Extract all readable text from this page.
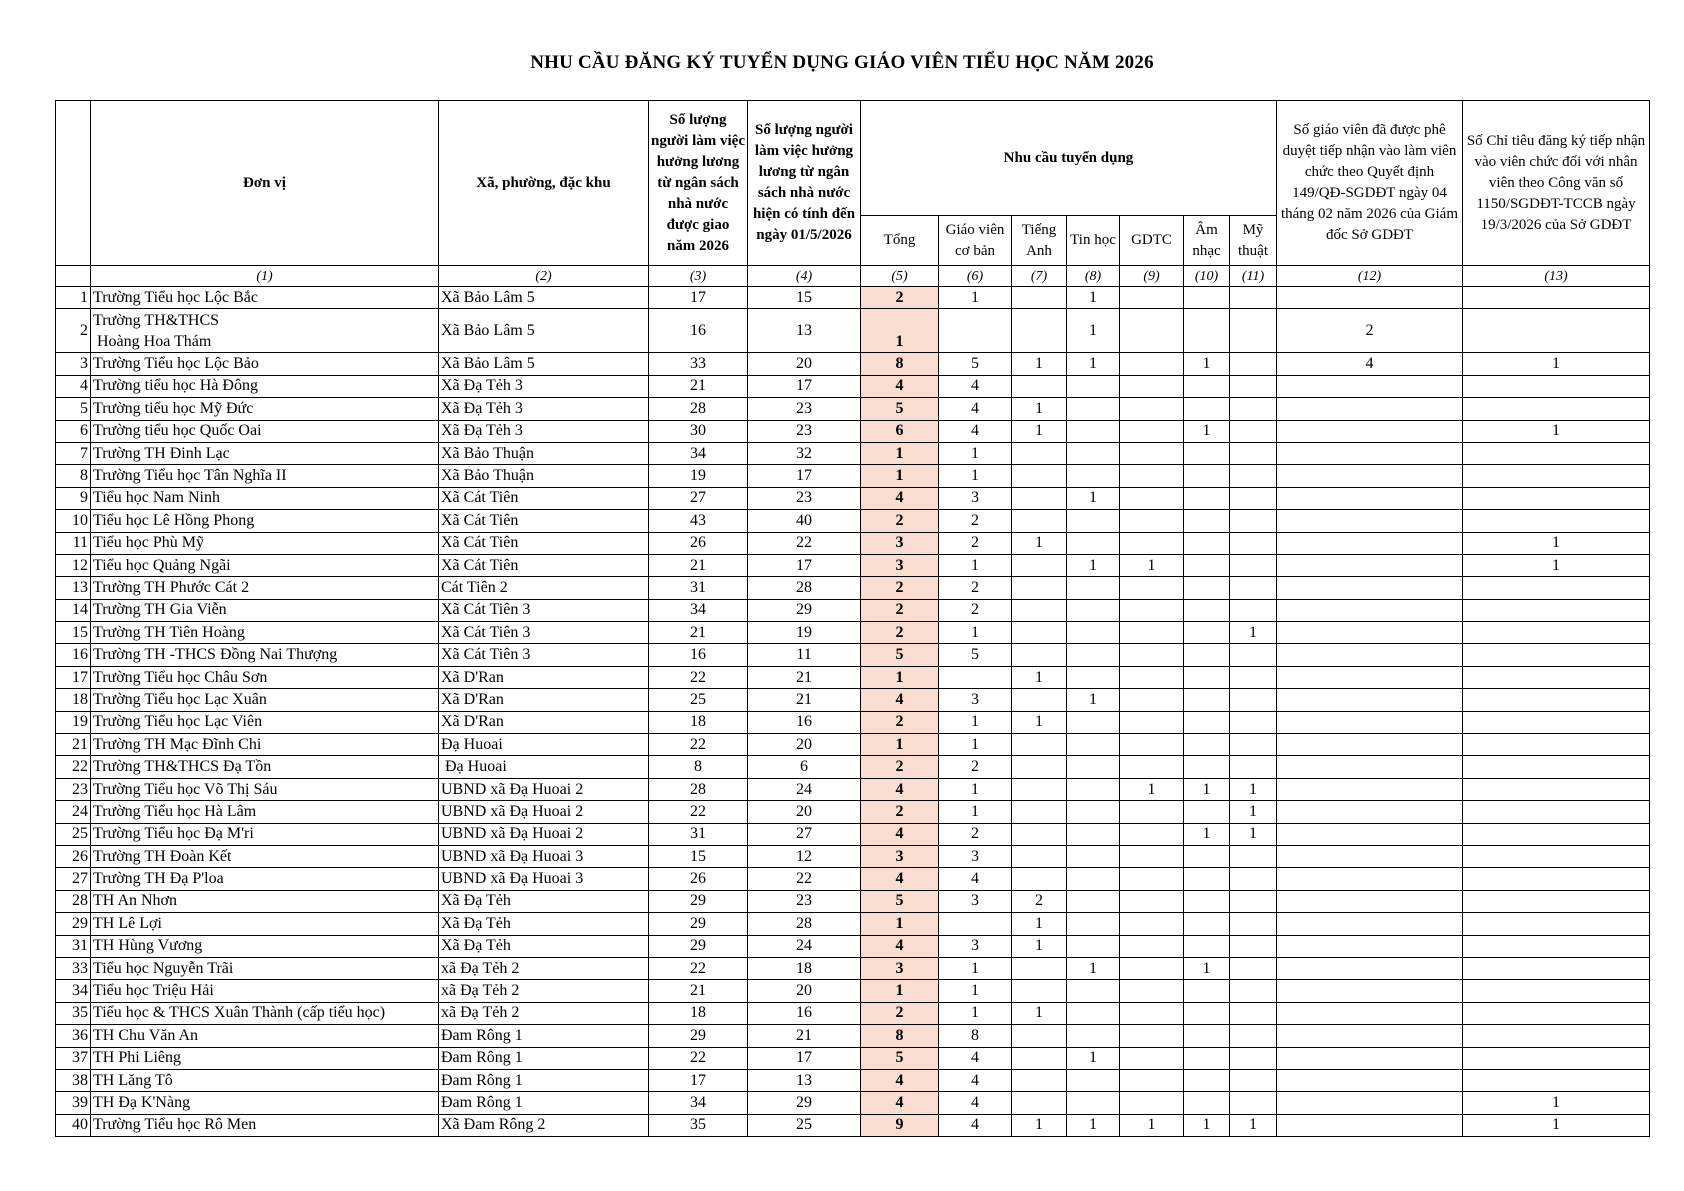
NHU CẦU ĐĂNG KÝ TUYỂN DỤNG GIÁO VIÊN TIỂU HỌC NĂM 2026
	Đơn vị	Xã, phường, đặc khu	Số lượng người làm việc hưởng lương từ ngân sách nhà nước được giao năm 2026	Số lượng người làm việc hưởng lương từ ngân sách nhà nước hiện có tính đến ngày 01/5/2026	Nhu cầu tuyển dụng							Số giáo viên đã được phê duyệt tiếp nhận vào làm viên chức theo Quyết định 149/QĐ-SGDĐT ngày 04 tháng 02 năm 2026 của Giám đốc Sở GDĐT	Số Chỉ tiêu đăng ký tiếp nhận vào viên chức đối với nhân viên theo Công văn số 1150/SGDĐT-TCCB ngày 19/3/2026 của Sở GDĐT
					Tổng	Giáo viên cơ bản	Tiếng Anh	Tin học	GDTC	Âm nhạc	Mỹ thuật		
	(1)	(2)	(3)	(4)	(5)	(6)	(7)	(8)	(9)	(10)	(11)	(12)	(13)
1	Trường Tiểu học Lộc Bắc	Xã Bảo Lâm 5	17	15	2	1		1					
2	Trường TH&THCS
Hoàng Hoa Thám	Xã Bảo Lâm 5	16	13	1			1				2	
3	Trường Tiểu học Lộc Bảo	Xã Bảo Lâm 5	33	20	8	5	1	1		1		4	1
4	Trường tiểu học Hà Đông	Xã Đạ Tẻh 3	21	17	4	4							
5	Trường tiểu học Mỹ Đức	Xã Đạ Tẻh 3	28	23	5	4	1						
6	Trường tiểu học Quốc Oai	Xã Đạ Tẻh 3	30	23	6	4	1			1			1
7	Trường TH Đinh Lạc	Xã Bảo Thuận	34	32	1	1							
8	Trường Tiểu học Tân Nghĩa II	Xã Bảo Thuận	19	17	1	1							
9	Tiểu học Nam Ninh	Xã Cát Tiên	27	23	4	3		1					
10	Tiểu học Lê Hồng Phong	Xã Cát Tiên	43	40	2	2							
11	Tiểu học Phù Mỹ	Xã Cát Tiên	26	22	3	2	1						1
12	Tiểu học Quảng Ngãi	Xã Cát Tiên	21	17	3	1		1	1				1
13	Trường TH Phước Cát 2	Cát Tiên 2	31	28	2	2							
14	Trường TH Gia Viễn	Xã Cát Tiên 3	34	29	2	2							
15	Trường TH Tiên Hoàng	Xã Cát Tiên 3	21	19	2	1					1		
16	Trường TH -THCS Đồng Nai Thượng	Xã Cát Tiên 3	16	11	5	5							
17	Trường Tiểu học Châu Sơn	Xã D'Ran	22	21	1		1						
18	Trường Tiểu học Lạc Xuân	Xã D'Ran	25	21	4	3		1					
19	Trường Tiểu học Lạc Viên	Xã D'Ran	18	16	2	1	1						
21	Trường TH Mạc Đĩnh Chi	Đạ Huoai	22	20	1	1							
22	Trường TH&THCS Đạ Tồn	Đạ Huoai	8	6	2	2							
23	Trường Tiểu học Võ Thị Sáu	UBND xã Đạ Huoai 2	28	24	4	1			1	1	1		
24	Trường Tiểu học Hà Lâm	UBND xã Đạ Huoai 2	22	20	2	1					1		
25	Trường Tiểu học Đạ M'ri	UBND xã Đạ Huoai 2	31	27	4	2				1	1		
26	Trường TH Đoàn Kết	UBND xã Đạ Huoai 3	15	12	3	3							
27	Trường TH Đạ P'loa	UBND xã Đạ Huoai 3	26	22	4	4							
28	TH An Nhơn	Xã Đạ Tẻh	29	23	5	3	2						
29	TH Lê Lợi	Xã Đạ Tẻh	29	28	1		1						
31	TH Hùng Vương	Xã Đạ Tẻh	29	24	4	3	1						
33	Tiểu học Nguyễn Trãi	xã Đạ Tẻh 2	22	18	3	1		1		1			
34	Tiểu học Triệu Hải	xã Đạ Tẻh 2	21	20	1	1							
35	Tiểu học & THCS Xuân Thành (cấp tiểu học)	xã Đạ Tẻh 2	18	16	2	1	1						
36	TH Chu Văn An	Đam Rông 1	29	21	8	8							
37	TH Phi Liêng	Đam Rông 1	22	17	5	4		1					
38	TH Lăng Tô	Đam Rông 1	17	13	4	4							
39	TH Đạ K'Nàng	Đam Rông 1	34	29	4	4							1
40	Trường Tiểu học Rô Men	Xã Đam Rông 2	35	25	9	4	1	1	1	1	1		1
